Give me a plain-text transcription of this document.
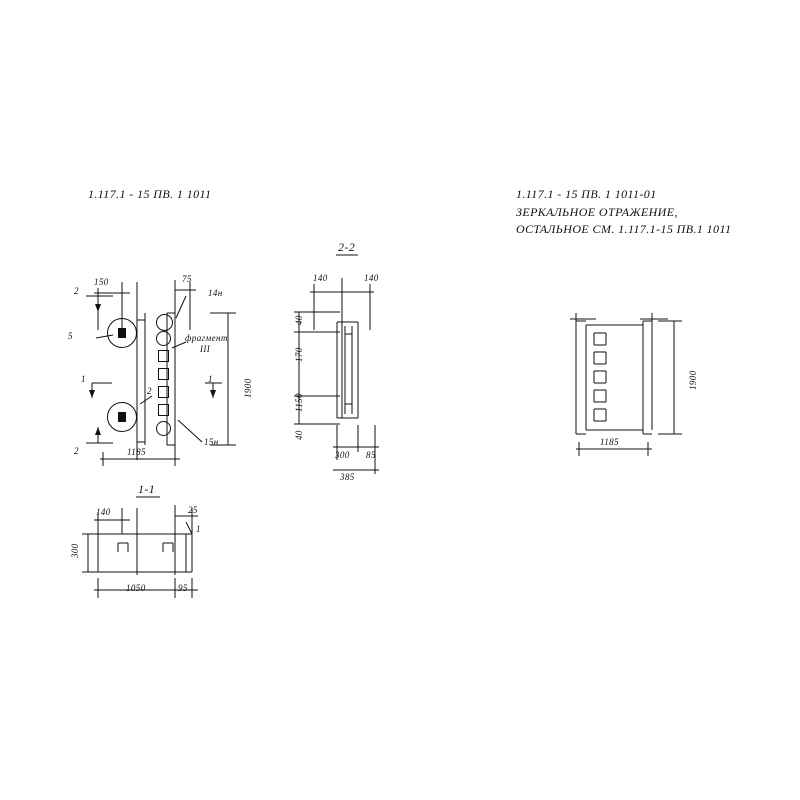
1.117.1 - 15 ПВ. 1 1011	1.117.1 - 15 ПВ. 1 1011-01
ЗЕРКАЛЬНОЕ ОТРАЖЕНИЕ,
ОСТАЛЬНОЕ СМ. 1.117.1-15 ПВ.1 1011
2
2
1	1
150	75
1185
1900
5
2
14н
фрагмент
III
15н
2-2
140	140
40
170
1150
40
300 85
385
1-1
140	25
300
1
1050	95
1185
1900
